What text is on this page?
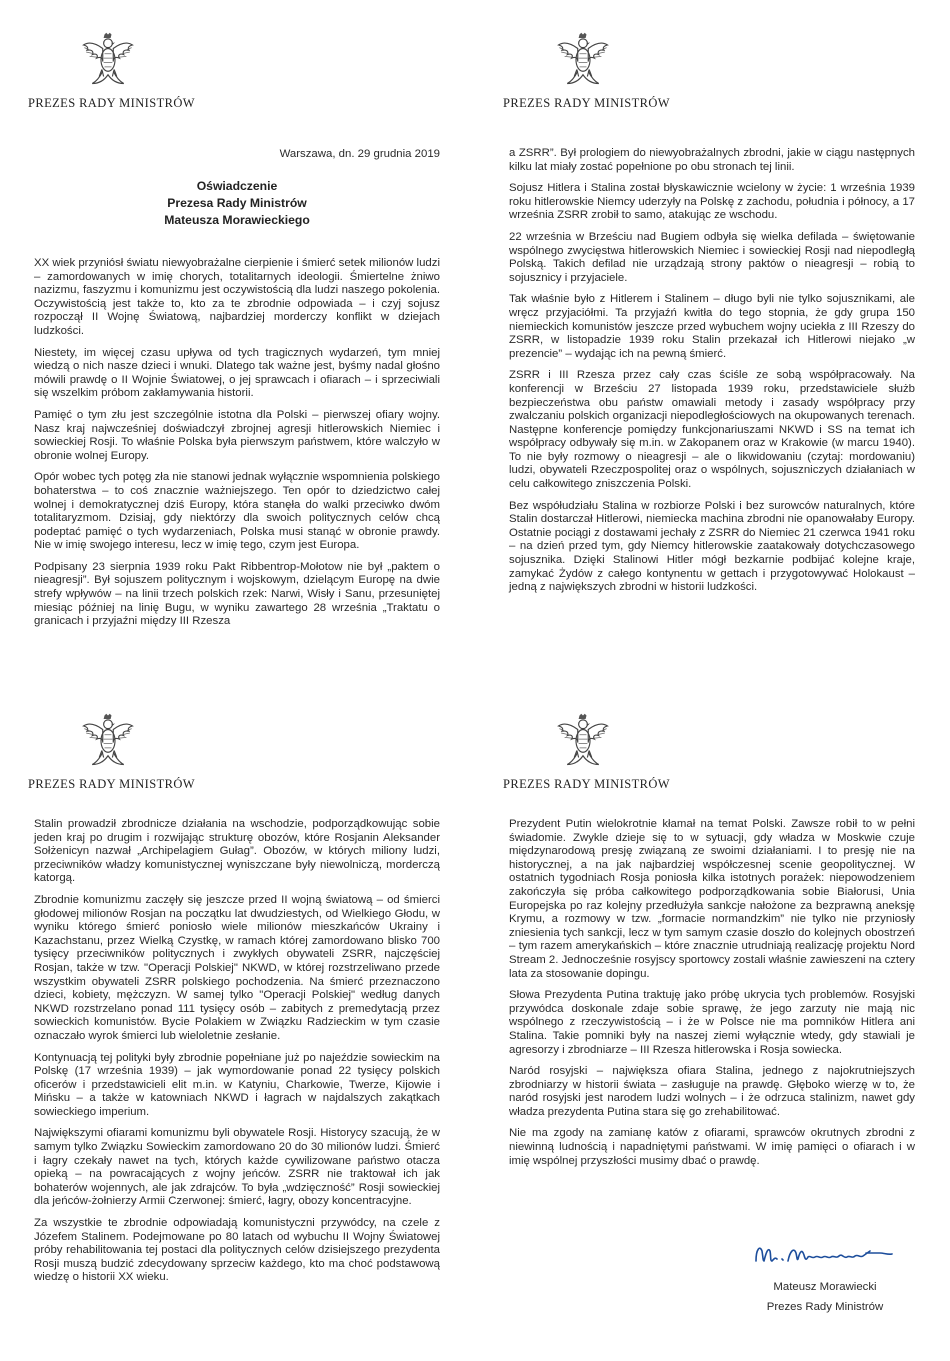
PREZES RADY MINISTRÓW
Warszawa, dn. 29 grudnia 2019
Oświadczenie
Prezesa Rady Ministrów
Mateusza Morawieckiego

XX wiek przyniósł światu niewyobrażalne cierpienie i śmierć setek milionów ludzi – zamordowanych w imię chorych, totalitarnych ideologii. Śmiertelne żniwo nazizmu, faszyzmu i komunizmu jest oczywistością dla ludzi naszego pokolenia. Oczywistością jest także to, kto za te zbrodnie odpowiada – i czyj sojusz rozpoczął II Wojnę Światową, najbardziej morderczy konflikt w dziejach ludzkości.

Niestety, im więcej czasu upływa od tych tragicznych wydarzeń, tym mniej wiedzą o nich nasze dzieci i wnuki. Dlatego tak ważne jest, byśmy nadal głośno mówili prawdę o II Wojnie Światowej, o jej sprawcach i ofiarach – i sprzeciwiali się wszelkim próbom zakłamywania historii.

Pamięć o tym złu jest szczególnie istotna dla Polski – pierwszej ofiary wojny. Nasz kraj najwcześniej doświadczył zbrojnej agresji hitlerowskich Niemiec i sowieckiej Rosji. To właśnie Polska była pierwszym państwem, które walczyło w obronie wolnej Europy.

Opór wobec tych potęg zła nie stanowi jednak wyłącznie wspomnienia polskiego bohaterstwa – to coś znacznie ważniejszego. Ten opór to dziedzictwo całej wolnej i demokratycznej dziś Europy, która stanęła do walki przeciwko dwóm totalitaryzmom. Dzisiaj, gdy niektórzy dla swoich politycznych celów chcą podeptać pamięć o tych wydarzeniach, Polska musi stanąć w obronie prawdy. Nie w imię swojego interesu, lecz w imię tego, czym jest Europa.

Podpisany 23 sierpnia 1939 roku Pakt Ribbentrop-Mołotow nie był „paktem o nieagresji”. Był sojuszem politycznym i wojskowym, dzielącym Europę na dwie strefy wpływów – na linii trzech polskich rzek: Narwi, Wisły i Sanu, przesuniętej miesiąc później na linię Bugu, w wyniku zawartego 28 września „Traktatu o granicach i przyjaźni między III Rzesza

PREZES RADY MINISTRÓW

a ZSRR”. Był prologiem do niewyobrażalnych zbrodni, jakie w ciągu następnych kilku lat miały zostać popełnione po obu stronach tej linii.

Sojusz Hitlera i Stalina został błyskawicznie wcielony w życie: 1 września 1939 roku hitlerowskie Niemcy uderzyły na Polskę z zachodu, południa i północy, a 17 września ZSRR zrobił to samo, atakując ze wschodu.

22 września w Brześciu nad Bugiem odbyła się wielka defilada – świętowanie wspólnego zwycięstwa hitlerowskich Niemiec i sowieckiej Rosji nad niepodległą Polską. Takich defilad nie urządzają strony paktów o nieagresji – robią to sojusznicy i przyjaciele.

Tak właśnie było z Hitlerem i Stalinem – długo byli nie tylko sojusznikami, ale wręcz przyjaciółmi. Ta przyjaźń kwitła do tego stopnia, że gdy grupa 150 niemieckich komunistów jeszcze przed wybuchem wojny uciekła z III Rzeszy do ZSRR, w listopadzie 1939 roku Stalin przekazał ich Hitlerowi niejako „w prezencie” – wydając ich na pewną śmierć.

ZSRR i III Rzesza przez cały czas ściśle ze sobą współpracowały. Na konferencji w Brześciu 27 listopada 1939 roku, przedstawiciele służb bezpieczeństwa obu państw omawiali metody i zasady współpracy przy zwalczaniu polskich organizacji niepodległościowych na okupowanych terenach. Następne konferencje pomiędzy funkcjonariuszami NKWD i SS na temat ich współpracy odbywały się m.in. w Zakopanem oraz w Krakowie (w marcu 1940). To nie były rozmowy o nieagresji – ale o likwidowaniu (czytaj: mordowaniu) ludzi, obywateli Rzeczpospolitej oraz o wspólnych, sojuszniczych działaniach w celu całkowitego zniszczenia Polski.

Bez współudziału Stalina w rozbiorze Polski i bez surowców naturalnych, które Stalin dostarczał Hitlerowi, niemiecka machina zbrodni nie opanowałaby Europy. Ostatnie pociągi z dostawami jechały z ZSRR do Niemiec 21 czerwca 1941 roku – na dzień przed tym, gdy Niemcy hitlerowskie zaatakowały dotychczasowego sojusznika. Dzięki Stalinowi Hitler mógł bezkarnie podbijać kolejne kraje, zamykać Żydów z całego kontynentu w gettach i przygotowywać Holokaust – jedną z największych zbrodni w historii ludzkości.

PREZES RADY MINISTRÓW

Stalin prowadził zbrodnicze działania na wschodzie, podporządkowując sobie jeden kraj po drugim i rozwijając strukturę obozów, które Rosjanin Aleksander Sołżenicyn nazwał „Archipelagiem Gułag”. Obozów, w których miliony ludzi, przeciwników władzy komunistycznej wyniszczane były niewolniczą, morderczą katorgą.

Zbrodnie komunizmu zaczęły się jeszcze przed II wojną światową – od śmierci głodowej milionów Rosjan na początku lat dwudziestych, od Wielkiego Głodu, w wyniku którego śmierć poniosło wiele milionów mieszkańców Ukrainy i Kazachstanu, przez Wielką Czystkę, w ramach której zamordowano blisko 700 tysięcy przeciwników politycznych i zwykłych obywateli ZSRR, najczęściej Rosjan, także w tzw. "Operacji Polskiej" NKWD, w której rozstrzeliwano przede wszystkim obywateli ZSRR polskiego pochodzenia. Na śmierć przeznaczono dzieci, kobiety, mężczyzn. W samej tylko "Operacji Polskiej" według danych NKWD rozstrzelano ponad 111 tysięcy osób – zabitych z premedytacją przez sowieckich komunistów. Bycie Polakiem w Związku Radzieckim w tym czasie oznaczało wyrok śmierci lub wieloletnie zesłanie.

Kontynuacją tej polityki były zbrodnie popełniane już po najeździe sowieckim na Polskę (17 września 1939) – jak wymordowanie ponad 22 tysięcy polskich oficerów i przedstawicieli elit m.in. w Katyniu, Charkowie, Twerze, Kijowie i Mińsku – a także w katowniach NKWD i łagrach w najdalszych zakątkach sowieckiego imperium.

Największymi ofiarami komunizmu byli obywatele Rosji. Historycy szacują, że w samym tylko Związku Sowieckim zamordowano 20 do 30 milionów ludzi. Śmierć i łagry czekały nawet na tych, których każde cywilizowane państwo otacza opieką – na powracających z wojny jeńców. ZSRR nie traktował ich jak bohaterów wojennych, ale jak zdrajców. To była „wdzięczność” Rosji sowieckiej dla jeńców-żołnierzy Armii Czerwonej: śmierć, łagry, obozy koncentracyjne.

Za wszystkie te zbrodnie odpowiadają komunistyczni przywódcy, na czele z Józefem Stalinem. Podejmowane po 80 latach od wybuchu II Wojny Światowej próby rehabilitowania tej postaci dla politycznych celów dzisiejszego prezydenta Rosji muszą budzić zdecydowany sprzeciw każdego, kto ma choć podstawową wiedzę o historii XX wieku.

PREZES RADY MINISTRÓW

Prezydent Putin wielokrotnie kłamał na temat Polski. Zawsze robił to w pełni świadomie. Zwykle dzieje się to w sytuacji, gdy władza w Moskwie czuje międzynarodową presję związaną ze swoimi działaniami. I to presję nie na historycznej, a na jak najbardziej współczesnej scenie geopolitycznej. W ostatnich tygodniach Rosja poniosła kilka istotnych porażek: niepowodzeniem zakończyła się próba całkowitego podporządkowania sobie Białorusi, Unia Europejska po raz kolejny przedłużyła sankcje nałożone za bezprawną aneksję Krymu, a rozmowy w tzw. „formacie normandzkim” nie tylko nie przyniosły zniesienia tych sankcji, lecz w tym samym czasie doszło do kolejnych obostrzeń – tym razem amerykańskich – które znacznie utrudniają realizację projektu Nord Stream 2. Jednocześnie rosyjscy sportowcy zostali właśnie zawieszeni na cztery lata za stosowanie dopingu.

Słowa Prezydenta Putina traktuję jako próbę ukrycia tych problemów. Rosyjski przywódca doskonale zdaje sobie sprawę, że jego zarzuty nie mają nic wspólnego z rzeczywistością – i że w Polsce nie ma pomników Hitlera ani Stalina. Takie pomniki były na naszej ziemi wyłącznie wtedy, gdy stawiali je agresorzy i zbrodniarze – III Rzesza hitlerowska i Rosja sowiecka.

Naród rosyjski – największa ofiara Stalina, jednego z najokrutniejszych zbrodniarzy w historii świata – zasługuje na prawdę. Głęboko wierzę w to, że naród rosyjski jest narodem ludzi wolnych – i że odrzuca stalinizm, nawet gdy władza prezydenta Putina stara się go zrehabilitować.

Nie ma zgody na zamianę katów z ofiarami, sprawców okrutnych zbrodni z niewinną ludnością i napadniętymi państwami. W imię pamięci o ofiarach i w imię wspólnej przyszłości musimy dbać o prawdę.

Mateusz Morawiecki
Prezes Rady Ministrów
